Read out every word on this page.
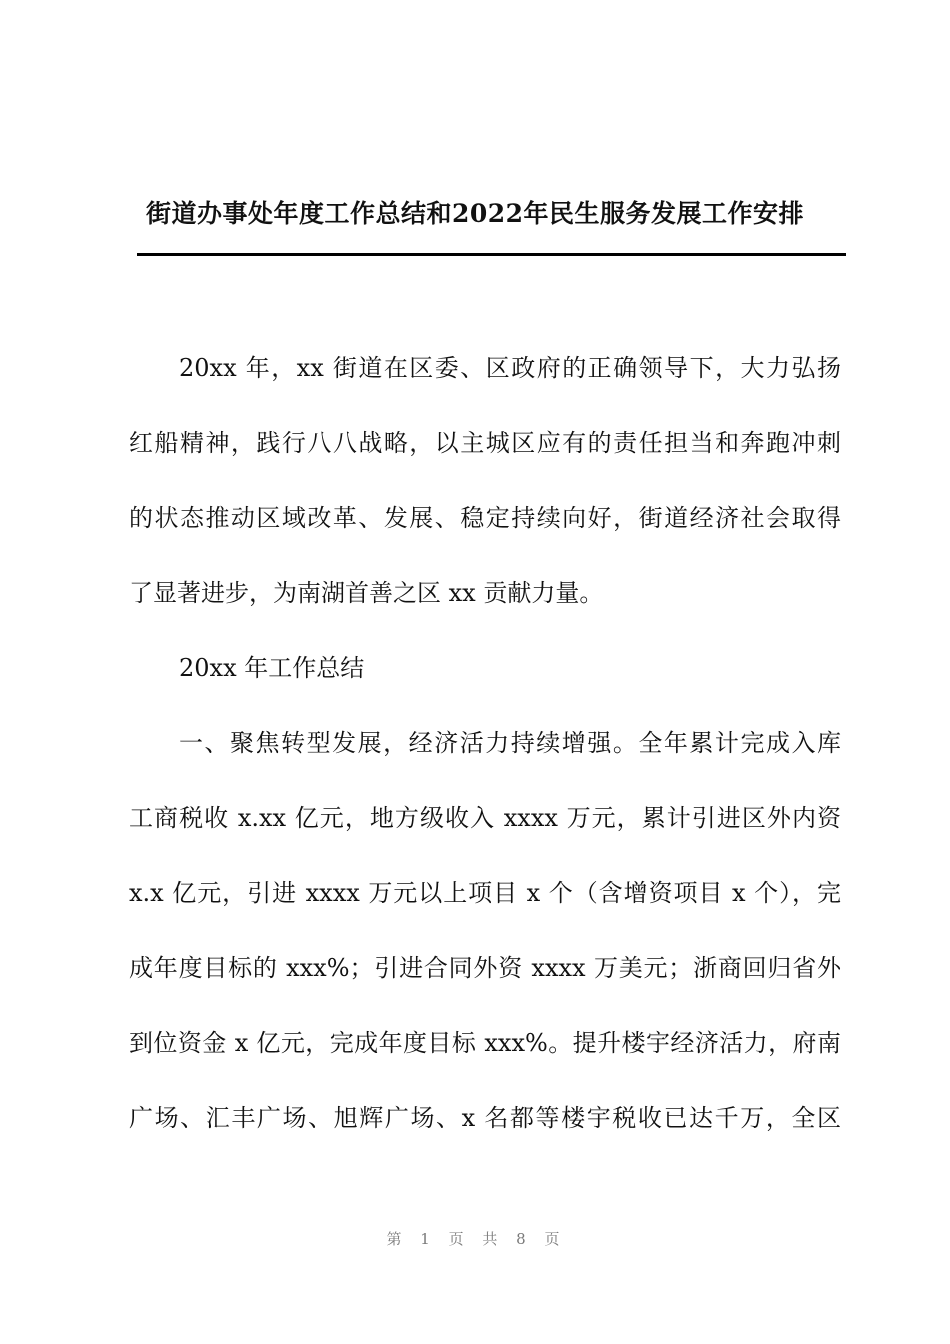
街道办事处年度工作总结和2022年民生服务发展工作安排
20xx 年，xx 街道在区委、区政府的正确领导下，大力弘扬
红船精神，践行八八战略，以主城区应有的责任担当和奔跑冲刺
的状态推动区域改革、发展、稳定持续向好，街道经济社会取得
了显著进步，为南湖首善之区 xx 贡献力量。
20xx 年工作总结
一、聚焦转型发展，经济活力持续增强。全年累计完成入库
工商税收 x.xx 亿元，地方级收入 xxxx 万元，累计引进区外内资
x.x 亿元，引进 xxxx 万元以上项目 x 个（含增资项目 x 个），完
成年度目标的 xxx%；引进合同外资 xxxx 万美元；浙商回归省外
到位资金 x 亿元，完成年度目标 xxx%。提升楼宇经济活力，府南
广场、汇丰广场、旭辉广场、x 名都等楼宇税收已达千万，全区
第 1 页 共 8 页
